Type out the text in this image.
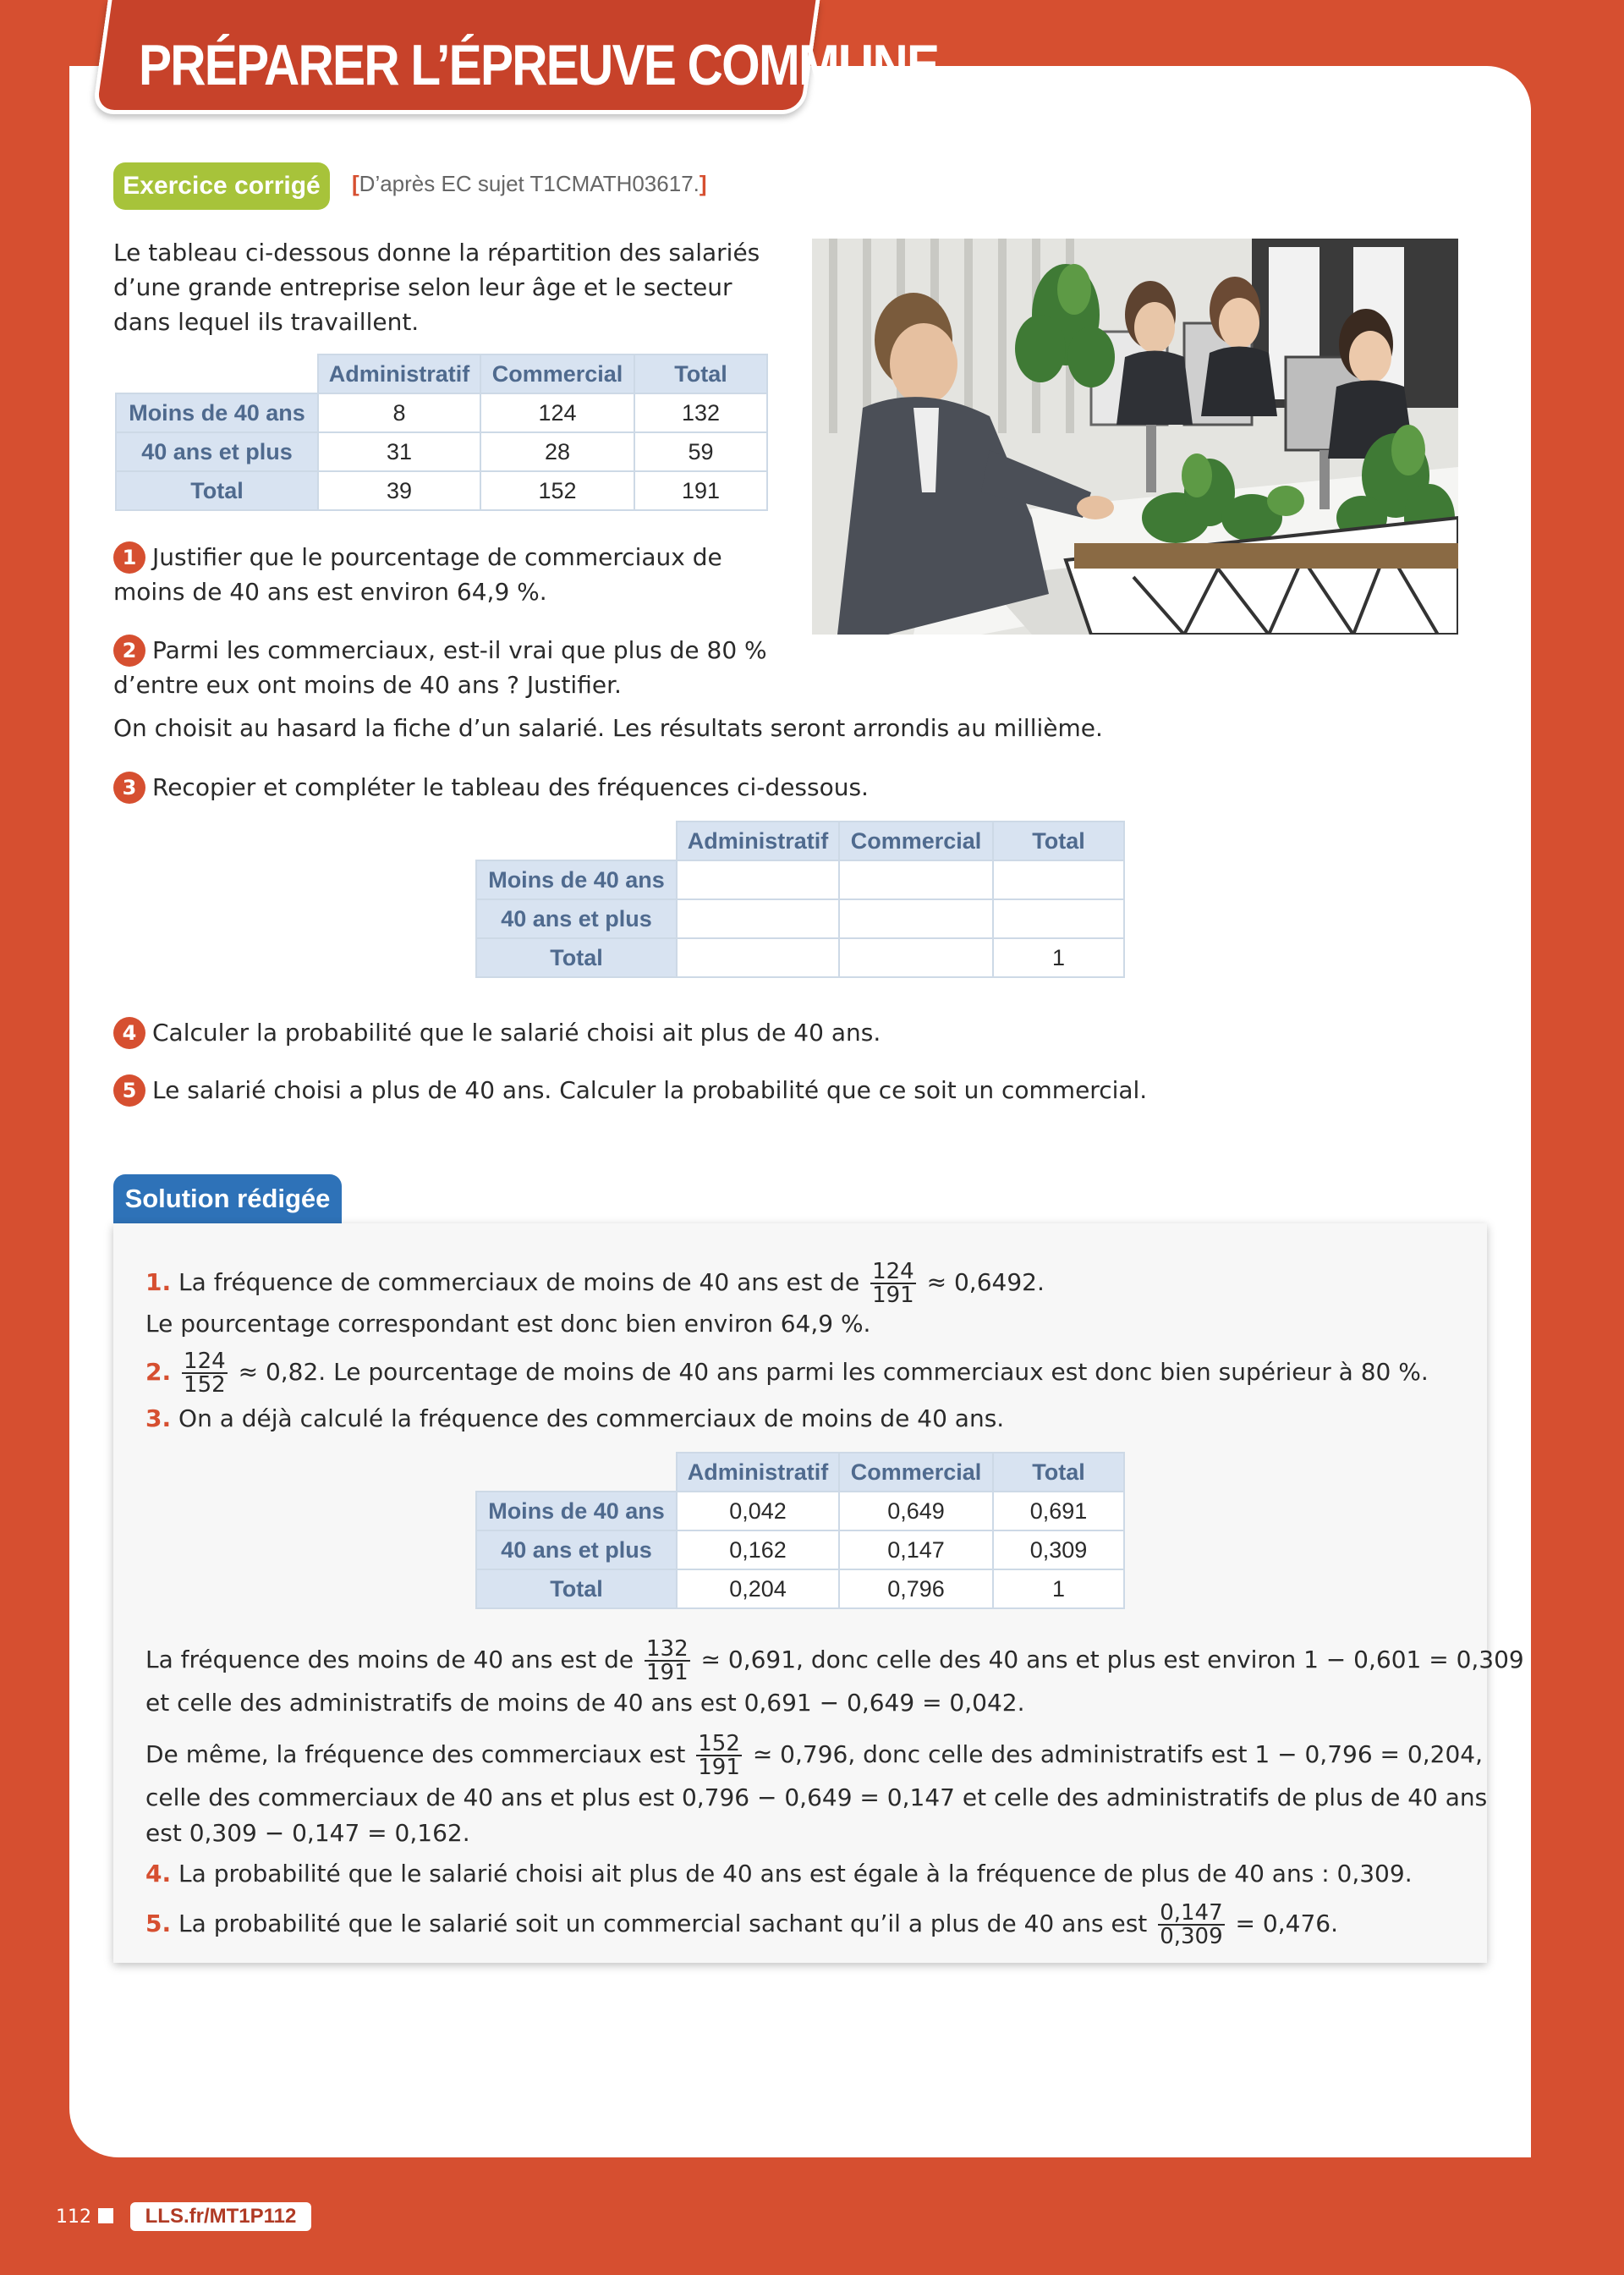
PRÉPARER L’ÉPREUVE COMMUNE
Exercice corrigé	[D’après EC sujet T1CMATH03617.]
Le tableau ci-dessous donne la répartition des salariés
d’une grande entreprise selon leur âge et le secteur
dans lequel ils travaillent.
	Administratif	Commercial	Total
Moins de 40 ans	8	124	132
40 ans et plus	31	28	59
Total	39	152	191
1 Justifier que le pourcentage de commerciaux de
moins de 40 ans est environ 64,9 %.
2 Parmi les commerciaux, est-il vrai que plus de 80 %
d’entre eux ont moins de 40 ans ? Justifier.
On choisit au hasard la fiche d’un salarié. Les résultats seront arrondis au millième.
3 Recopier et compléter le tableau des fréquences ci-dessous.
	Administratif	Commercial	Total
Moins de 40 ans			
40 ans et plus			
Total			1
4 Calculer la probabilité que le salarié choisi ait plus de 40 ans.
5 Le salarié choisi a plus de 40 ans. Calculer la probabilité que ce soit un commercial.
Solution rédigée
1. La fréquence de commerciaux de moins de 40 ans est de $\frac{124}{191} \approx 0,6492$.
Le pourcentage correspondant est donc bien environ 64,9 %.
2. $\frac{124}{152} \approx 0,82$. Le pourcentage de moins de 40 ans parmi les commerciaux est donc bien supérieur à 80 %.
3. On a déjà calculé la fréquence des commerciaux de moins de 40 ans.
	Administratif	Commercial	Total
Moins de 40 ans	0,042	0,649	0,691
40 ans et plus	0,162	0,147	0,309
Total	0,204	0,796	1
La fréquence des moins de 40 ans est de $\frac{132}{191}$ ≃ 0,691, donc celle des 40 ans et plus est environ 1 − 0,601 = 0,309
et celle des administratifs de moins de 40 ans est 0,691 − 0,649 = 0,042.
De même, la fréquence des commerciaux est $\frac{152}{191}$ ≃ 0,796, donc celle des administratifs est 1 − 0,796 = 0,204,
celle des commerciaux de 40 ans et plus est 0,796 − 0,649 = 0,147 et celle des administratifs de plus de 40 ans
est 0,309 − 0,147 = 0,162.
4. La probabilité que le salarié choisi ait plus de 40 ans est égale à la fréquence de plus de 40 ans : 0,309.
5. La probabilité que le salarié soit un commercial sachant qu’il a plus de 40 ans est $\frac{0,147}{0,309} = 0,476$.
112	LLS.fr/MT1P112
